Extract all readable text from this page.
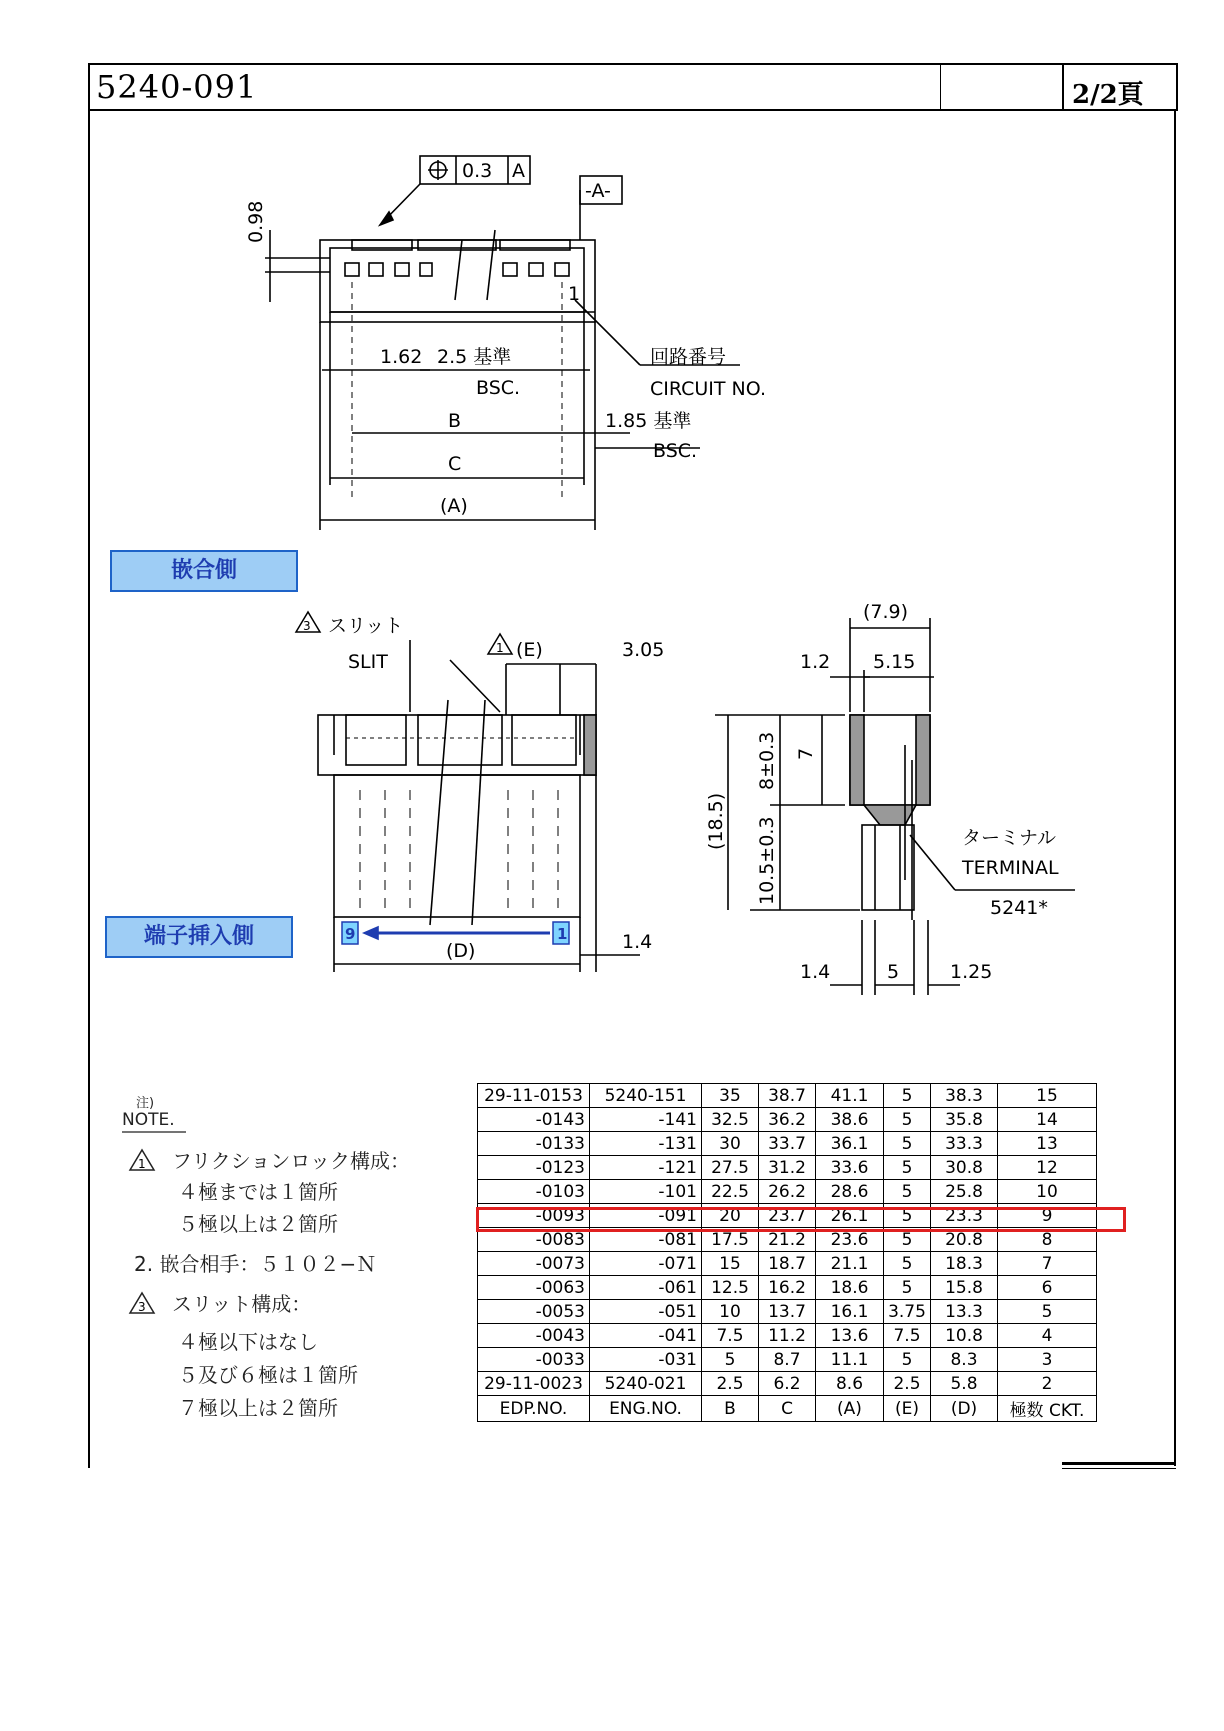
5240-091	2/2頁
0.3 A
-A-
0.98
1
1.62 2.5 基準
BSC.
回路番号
CIRCUIT NO.
B	1.85 基準
BSC.
C
(A)
3 スリット
SLIT
1 (E)	3.05
9	1
(D)	1.4
(7.9)
1.2 5.15
(18.5)
8±0.3
10.5±0.3
7
ターミナル
TERMINAL
5241*
1.4	5	1.25
1
3
嵌合側
端子挿入側
注)
NOTE.
フリクションロック構成：
４極までは１箇所
５極以上は２箇所
2. 嵌合相手：５１０２−Ｎ
スリット構成：
４極以下はなし
５及び６極は１箇所
７極以上は２箇所
29-11-0153	5240-151	35	38.7	41.1	5	38.3	15
-0143	-141	32.5	36.2	38.6	5	35.8	14
-0133	-131	30	33.7	36.1	5	33.3	13
-0123	-121	27.5	31.2	33.6	5	30.8	12
-0103	-101	22.5	26.2	28.6	5	25.8	10
-0093	-091	20	23.7	26.1	5	23.3	9
-0083	-081	17.5	21.2	23.6	5	20.8	8
-0073	-071	15	18.7	21.1	5	18.3	7
-0063	-061	12.5	16.2	18.6	5	15.8	6
-0053	-051	10	13.7	16.1	3.75	13.3	5
-0043	-041	7.5	11.2	13.6	7.5	10.8	4
-0033	-031	5	8.7	11.1	5	8.3	3
29-11-0023	5240-021	2.5	6.2	8.6	2.5	5.8	2
EDP.NO.	ENG.NO.	B	C	(A)	(E)	(D)	極数 CKT.
